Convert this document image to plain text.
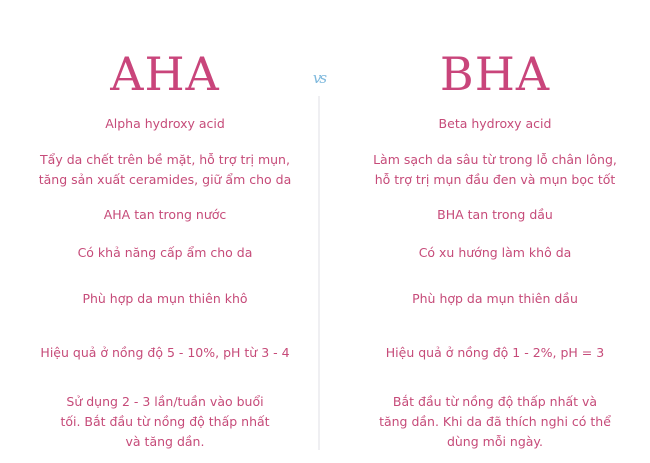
AHA
Alpha hydroxy acid
Tẩy da chết trên bề mặt, hỗ trợ trị mụn,
tăng sản xuất ceramides, giữ ẩm cho da
AHA tan trong nước
Có khả năng cấp ẩm cho da
Phù hợp da mụn thiên khô
Hiệu quả ở nồng độ 5 - 10%, pH từ 3 - 4
Sử dụng 2 - 3 lần/tuần vào buổi
tối. Bắt đầu từ nồng độ thấp nhất
và tăng dần.
vs	BHA
Beta hydroxy acid
Làm sạch da sâu từ trong lỗ chân lông,
hỗ trợ trị mụn đầu đen và mụn bọc tốt
BHA tan trong dầu
Có xu hướng làm khô da
Phù hợp da mụn thiên dầu
Hiệu quả ở nồng độ 1 - 2%, pH = 3
Bắt đầu từ nồng độ thấp nhất và
tăng dần. Khi da đã thích nghi có thể
dùng mỗi ngày.
